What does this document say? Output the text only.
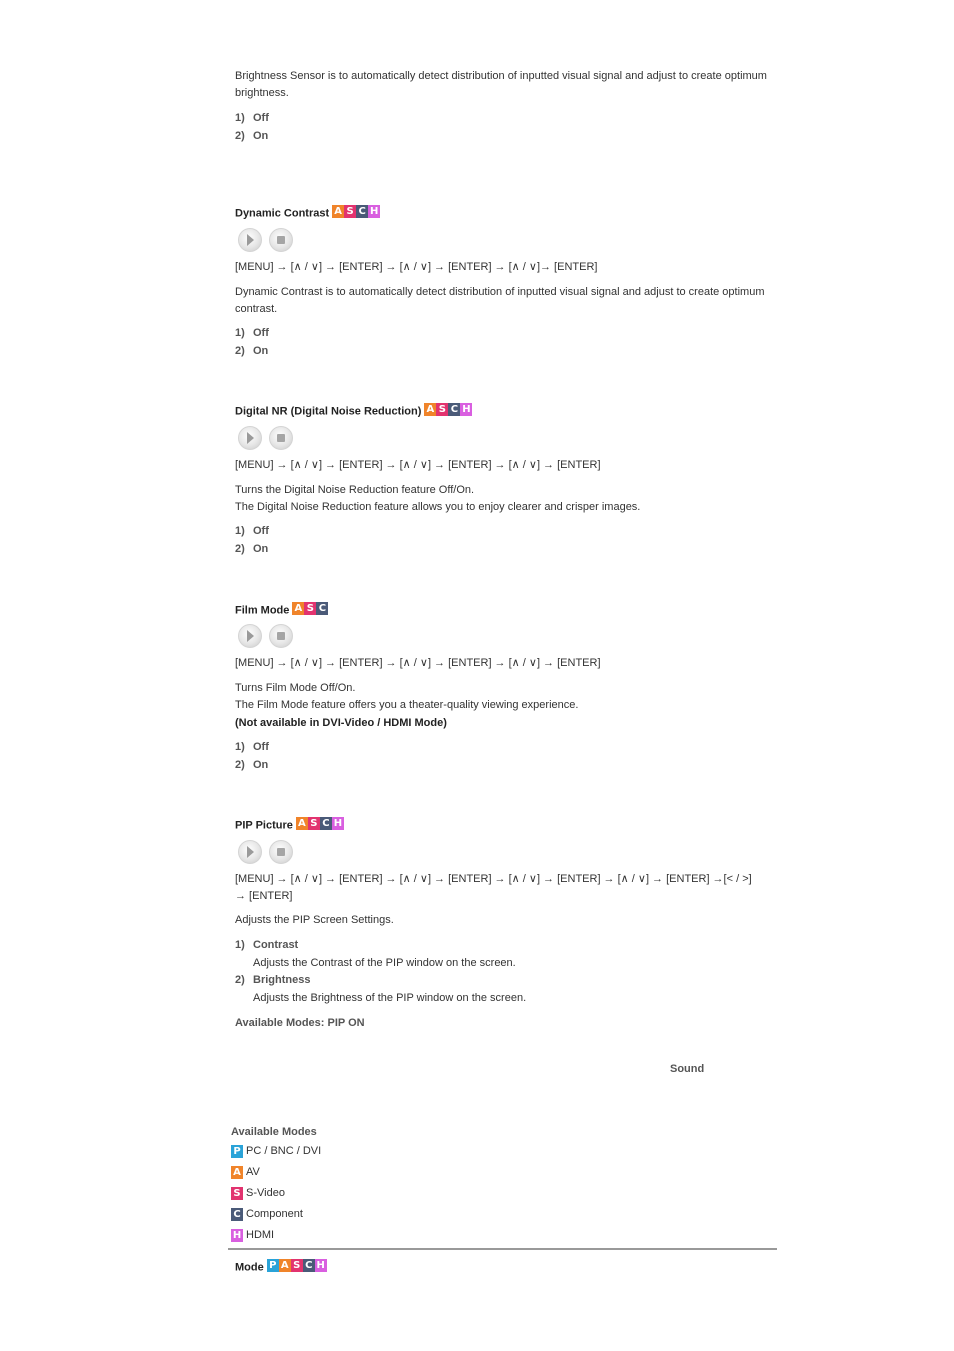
Brightness Sensor is to automatically detect distribution of inputted visual signal and adjust to create optimum brightness.
1) Off
2) On
Dynamic Contrast A S C H
[MENU] → [∧ / ∨] → [ENTER] → [∧ / ∨] → [ENTER] → [∧ / ∨]→ [ENTER]
Dynamic Contrast is to automatically detect distribution of inputted visual signal and adjust to create optimum contrast.
1) Off
2) On
Digital NR (Digital Noise Reduction) A S C H
[MENU] → [∧ / ∨] → [ENTER] → [∧ / ∨] → [ENTER] → [∧ / ∨] → [ENTER]
Turns the Digital Noise Reduction feature Off/On.
The Digital Noise Reduction feature allows you to enjoy clearer and crisper images.
1) Off
2) On
Film Mode A S C
[MENU] → [∧ / ∨] → [ENTER] → [∧ / ∨] → [ENTER] → [∧ / ∨] → [ENTER]
Turns Film Mode Off/On.
The Film Mode feature offers you a theater-quality viewing experience.
(Not available in DVI-Video / HDMI Mode)
1) Off
2) On
PIP Picture A S C H
[MENU] → [∧ / ∨] → [ENTER] → [∧ / ∨] → [ENTER] → [∧ / ∨] → [ENTER] → [∧ / ∨] → [ENTER] →[< / >]
→ [ENTER]
Adjusts the PIP Screen Settings.
1) Contrast
Adjusts the Contrast of the PIP window on the screen.
2) Brightness
Adjusts the Brightness of the PIP window on the screen.
Available Modes: PIP ON
Sound
Available Modes
P PC / BNC / DVI
A AV
S S-Video
C Component
H HDMI
Mode P A S C H
